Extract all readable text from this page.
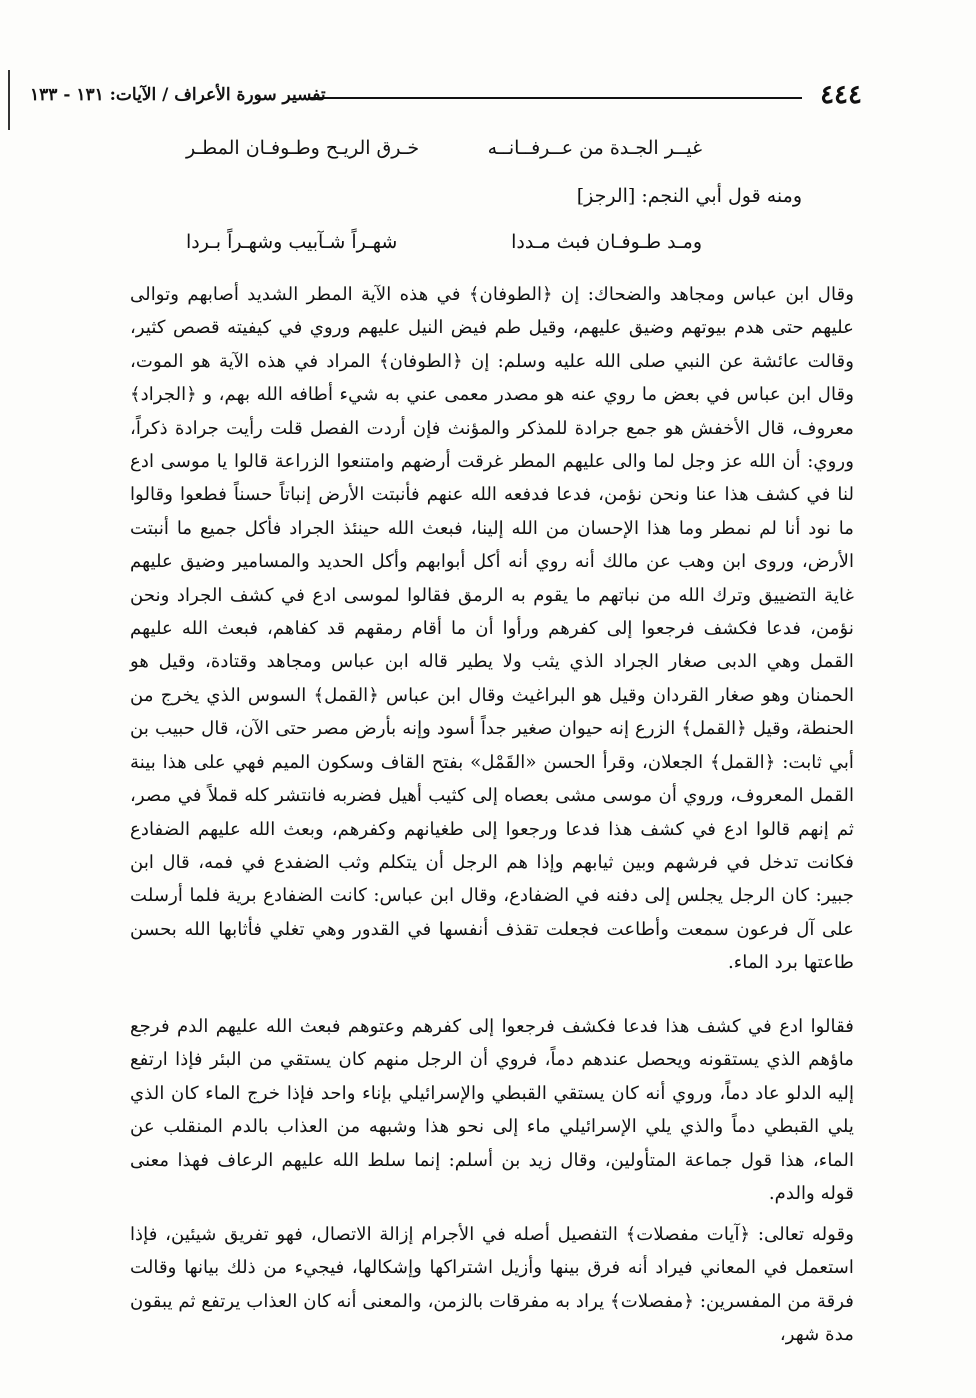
٤٤٤
تفسير سورة الأعراف / الآيات: ١٣١ - ١٣٣
غيــر الجـدة من عــرفــانــه
خـرق الريـح وطـوفـان المطـر
ومنه قول أبي النجم: [الرجز]
ومـد طـوفـان فبث مـددا
شهـراً شـآبيب وشهـراً بـردا

وقال ابن عباس ومجاهد والضحاك: إن ﴿الطوفان﴾ في هذه الآية المطر الشديد أصابهم وتوالى عليهم حتى هدم بيوتهم وضيق عليهم، وقيل طم فيض النيل عليهم وروي في كيفيته قصص كثير، وقالت عائشة عن النبي صلى الله عليه وسلم: إن ﴿الطوفان﴾ المراد في هذه الآية هو الموت، وقال ابن عباس في بعض ما روي عنه هو مصدر معمى عني به شيء أطافه الله بهم، و ﴿الجراد﴾ معروف، قال الأخفش هو جمع جرادة للمذكر والمؤنث فإن أردت الفصل قلت رأيت جرادة ذكراً، وروي: أن الله عز وجل لما والى عليهم المطر غرقت أرضهم وامتنعوا الزراعة قالوا يا موسى ادع لنا في كشف هذا عنا ونحن نؤمن، فدعا فدفعه الله عنهم فأنبتت الأرض إنباتاً حسناً فطعوا وقالوا ما نود أنا لم نمطر وما هذا الإحسان من الله إلينا، فبعث الله حينئذ الجراد فأكل جميع ما أنبتت الأرض، وروى ابن وهب عن مالك أنه روي أنه أكل أبوابهم وأكل الحديد والمسامير وضيق عليهم غاية التضييق وترك الله من نباتهم ما يقوم به الرمق فقالوا لموسى ادع في كشف الجراد ونحن نؤمن، فدعا فكشف فرجعوا إلى كفرهم ورأوا أن ما أقام رمقهم قد كفاهم، فبعث الله عليهم القمل وهي الدبى صغار الجراد الذي يثب ولا يطير قاله ابن عباس ومجاهد وقتادة، وقيل هو الحمنان وهو صغار القردان وقيل هو البراغيث وقال ابن عباس ﴿القمل﴾ السوس الذي يخرج من الحنطة، وقيل ﴿القمل﴾ الزرع إنه حيوان صغير جداً أسود وإنه بأرض مصر حتى الآن، قال حبيب بن أبي ثابت: ﴿القمل﴾ الجعلان، وقرأ الحسن «القَمْل» بفتح القاف وسكون الميم فهي على هذا بينة القمل المعروف، وروي أن موسى مشى بعصاه إلى كثيب أهيل فضربه فانتشر كله قملاً في مصر، ثم إنهم قالوا ادع في كشف هذا فدعا ورجعوا إلى طغيانهم وكفرهم، وبعث الله عليهم الضفادع فكانت تدخل في فرشهم وبين ثيابهم وإذا هم الرجل أن يتكلم وثب الضفدع في فمه، قال ابن جبير: كان الرجل يجلس إلى دفنه في الضفادع، وقال ابن عباس: كانت الضفادع برية فلما أرسلت على آل فرعون سمعت وأطاعت فجعلت تقذف أنفسها في القدور وهي تغلي فأثابها الله بحسن طاعتها برد الماء.

فقالوا ادع في كشف هذا فدعا فكشف فرجعوا إلى كفرهم وعتوهم فبعث الله عليهم الدم فرجع ماؤهم الذي يستقونه ويحصل عندهم دماً، فروي أن الرجل منهم كان يستقي من البئر فإذا ارتفع إليه الدلو عاد دماً، وروي أنه كان يستقي القبطي والإسرائيلي بإناء واحد فإذا خرج الماء كان الذي يلي القبطي دماً والذي يلي الإسرائيلي ماء إلى نحو هذا وشبهه من العذاب بالدم المنقلب عن الماء، هذا قول جماعة المتأولين، وقال زيد بن أسلم: إنما سلط الله عليهم الرعاف فهذا معنى قوله والدم.

وقوله تعالى: ﴿آيات مفصلات﴾ التفصيل أصله في الأجرام إزالة الاتصال، فهو تفريق شيئين، فإذا استعمل في المعاني فيراد أنه فرق بينها وأزيل اشتراكها وإشكالها، فيجيء من ذلك بيانها وقالت فرقة من المفسرين: ﴿مفصلات﴾ يراد به مفرقات بالزمن، والمعنى أنه كان العذاب يرتفع ثم يبقون مدة شهر،
